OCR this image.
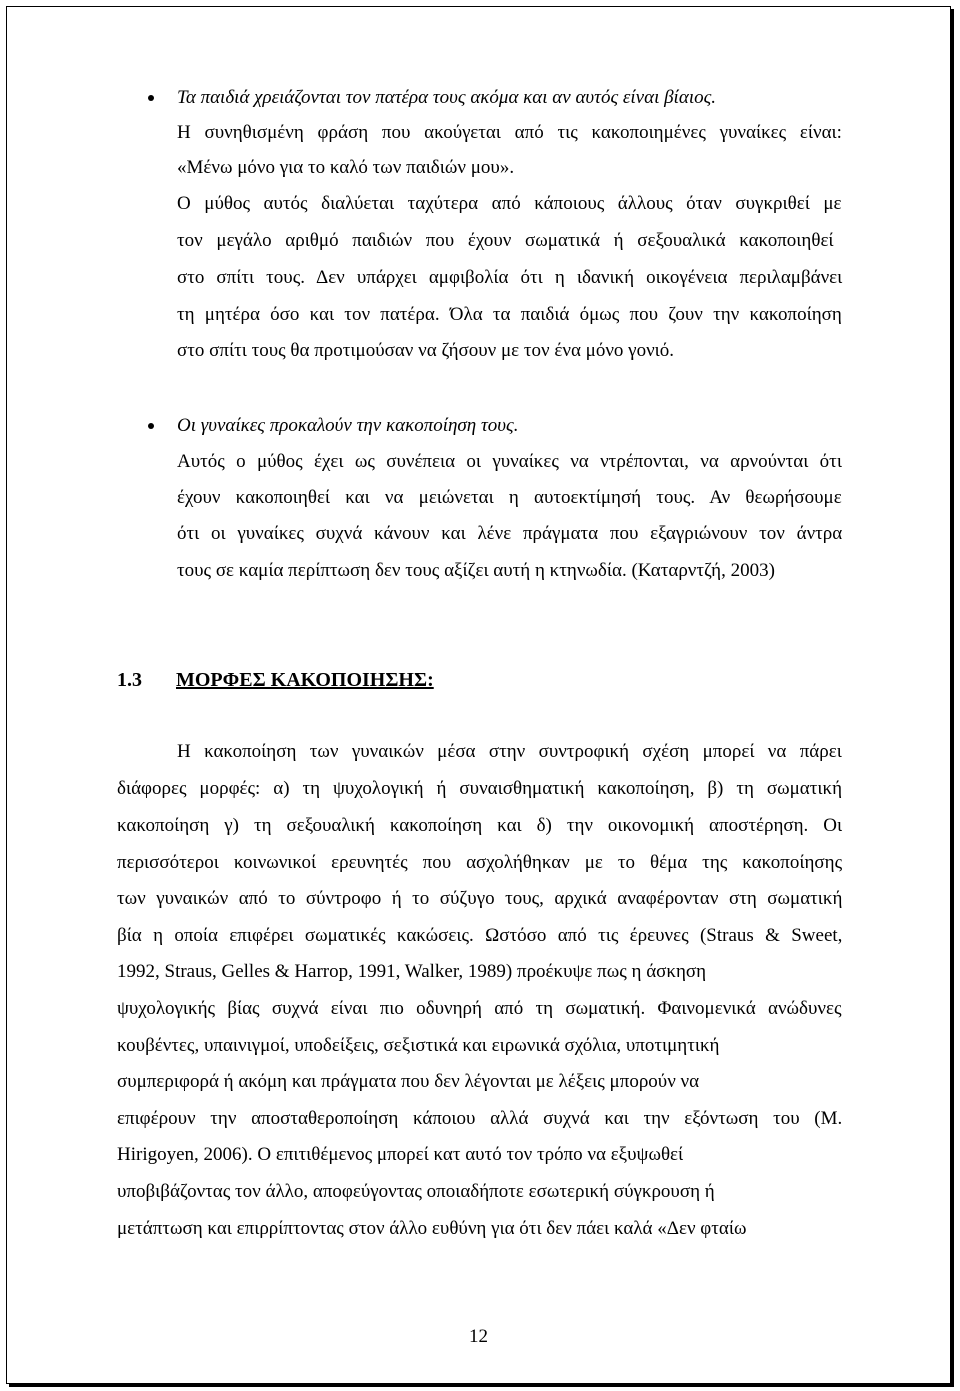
Τα παιδιά χρειάζονται τον πατέρα τους ακόμα και αν αυτός είναι βίαιος.
Η συνηθισμένη φράση που ακούγεται από τις κακοποιημένες γυναίκες είναι:
«Μένω μόνο για το καλό των παιδιών μου».
Ο μύθος αυτός διαλύεται ταχύτερα από κάποιους άλλους όταν συγκριθεί με
τον μεγάλο αριθμό παιδιών που έχουν σωματικά ή σεξουαλικά κακοποιηθεί
στο σπίτι τους. Δεν υπάρχει αμφιβολία ότι η ιδανική οικογένεια περιλαμβάνει
τη μητέρα όσο και τον πατέρα. Όλα τα παιδιά όμως που ζουν την κακοποίηση
στο σπίτι τους θα προτιμούσαν να ζήσουν με τον ένα μόνο γονιό.
Οι γυναίκες προκαλούν την κακοποίηση τους.
Αυτός ο μύθος έχει ως συνέπεια οι γυναίκες να ντρέπονται, να αρνούνται ότι
έχουν κακοποιηθεί και να μειώνεται η αυτοεκτίμησή τους. Αν θεωρήσουμε
ότι οι γυναίκες συχνά κάνουν και λένε πράγματα που εξαγριώνουν τον άντρα
τους σε καμία περίπτωση δεν τους αξίζει αυτή η κτηνωδία. (Καταρντζή, 2003)
1.3 ΜΟΡΦΕΣ ΚΑΚΟΠΟΙΗΣΗΣ:
Η κακοποίηση των γυναικών μέσα στην συντροφική σχέση μπορεί να πάρει
διάφορες μορφές: α) τη ψυχολογική ή συναισθηματική κακοποίηση, β) τη σωματική
κακοποίηση γ) τη σεξουαλική κακοποίηση και δ) την οικονομική αποστέρηση. Οι
περισσότεροι κοινωνικοί ερευνητές που ασχολήθηκαν με το θέμα της κακοποίησης
των γυναικών από το σύντροφο ή το σύζυγο τους, αρχικά αναφέρονταν στη σωματική
βία η οποία επιφέρει σωματικές κακώσεις. Ωστόσο από τις έρευνες (Straus & Sweet,
1992, Straus, Gelles & Harrop, 1991, Walker, 1989) προέκυψε πως η άσκηση
ψυχολογικής βίας συχνά είναι πιο οδυνηρή από τη σωματική. Φαινομενικά ανώδυνες
κουβέντες, υπαινιγμοί, υποδείξεις, σεξιστικά και ειρωνικά σχόλια, υποτιμητική
συμπεριφορά ή ακόμη και πράγματα που δεν λέγονται με λέξεις μπορούν να
επιφέρουν την αποσταθεροποίηση κάποιου αλλά συχνά και την εξόντωση του (M.
Hirigoyen, 2006). Ο επιτιθέμενος μπορεί κατ αυτό τον τρόπο να εξυψωθεί
υποβιβάζοντας τον άλλο, αποφεύγοντας οποιαδήποτε εσωτερική σύγκρουση ή
μετάπτωση και επιρρίπτοντας στον άλλο ευθύνη για ότι δεν πάει καλά «Δεν φταίω
12
